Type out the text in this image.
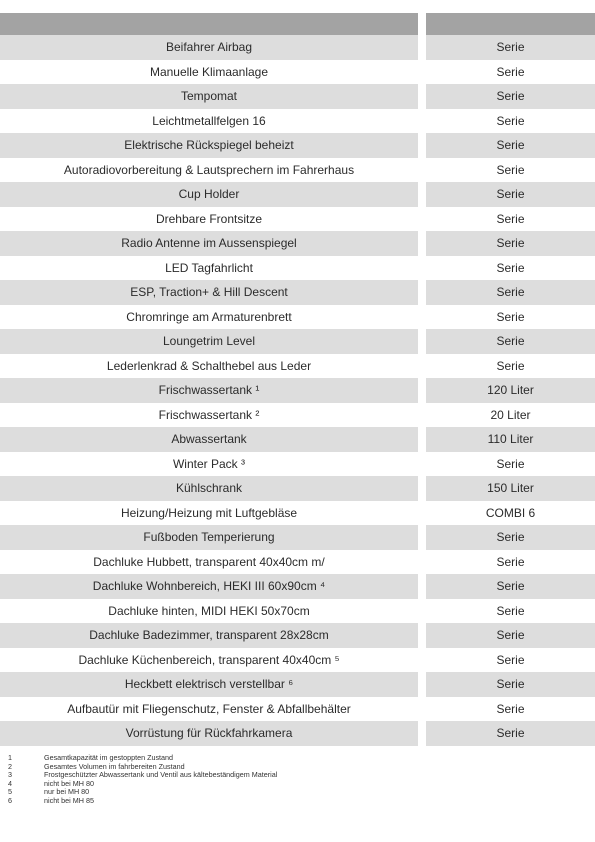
Beifahrer Airbag	Serie
Manuelle Klimaanlage	Serie
Tempomat	Serie
Leichtmetallfelgen 16	Serie
Elektrische Rückspiegel beheizt	Serie
Autoradiovorbereitung & Lautsprechern im Fahrerhaus	Serie
Cup Holder	Serie
Drehbare Frontsitze	Serie
Radio Antenne im Aussenspiegel	Serie
LED Tagfahrlicht	Serie
ESP, Traction+ & Hill Descent	Serie
Chromringe am Armaturenbrett	Serie
Loungetrim Level	Serie
Lederlenkrad & Schalthebel aus Leder	Serie
Frischwassertank ¹	120 Liter
Frischwassertank ²	20 Liter
Abwassertank	110 Liter
Winter Pack ³	Serie
Kühlschrank	150 Liter
Heizung/Heizung mit Luftgebläse	COMBI 6
Fußboden Temperierung	Serie
Dachluke Hubbett, transparent 40x40cm m/	Serie
Dachluke Wohnbereich, HEKI III 60x90cm ⁴	Serie
Dachluke hinten, MIDI HEKI 50x70cm	Serie
Dachluke Badezimmer, transparent 28x28cm	Serie
Dachluke Küchenbereich, transparent 40x40cm ⁵	Serie
Heckbett elektrisch verstellbar ⁶	Serie
Aufbautür mit Fliegenschutz, Fenster & Abfallbehälter	Serie
Vorrüstung für Rückfahrkamera	Serie
1	Gesamtkapazität im gestoppten Zustand
2	Gesamtes Volumen im fahrbereiten Zustand
3	Frostgeschützter Abwassertank und Ventil aus kältebeständigem Material
4	nicht bei MH 80
5	nur bei MH 80
6	nicht bei MH 85
